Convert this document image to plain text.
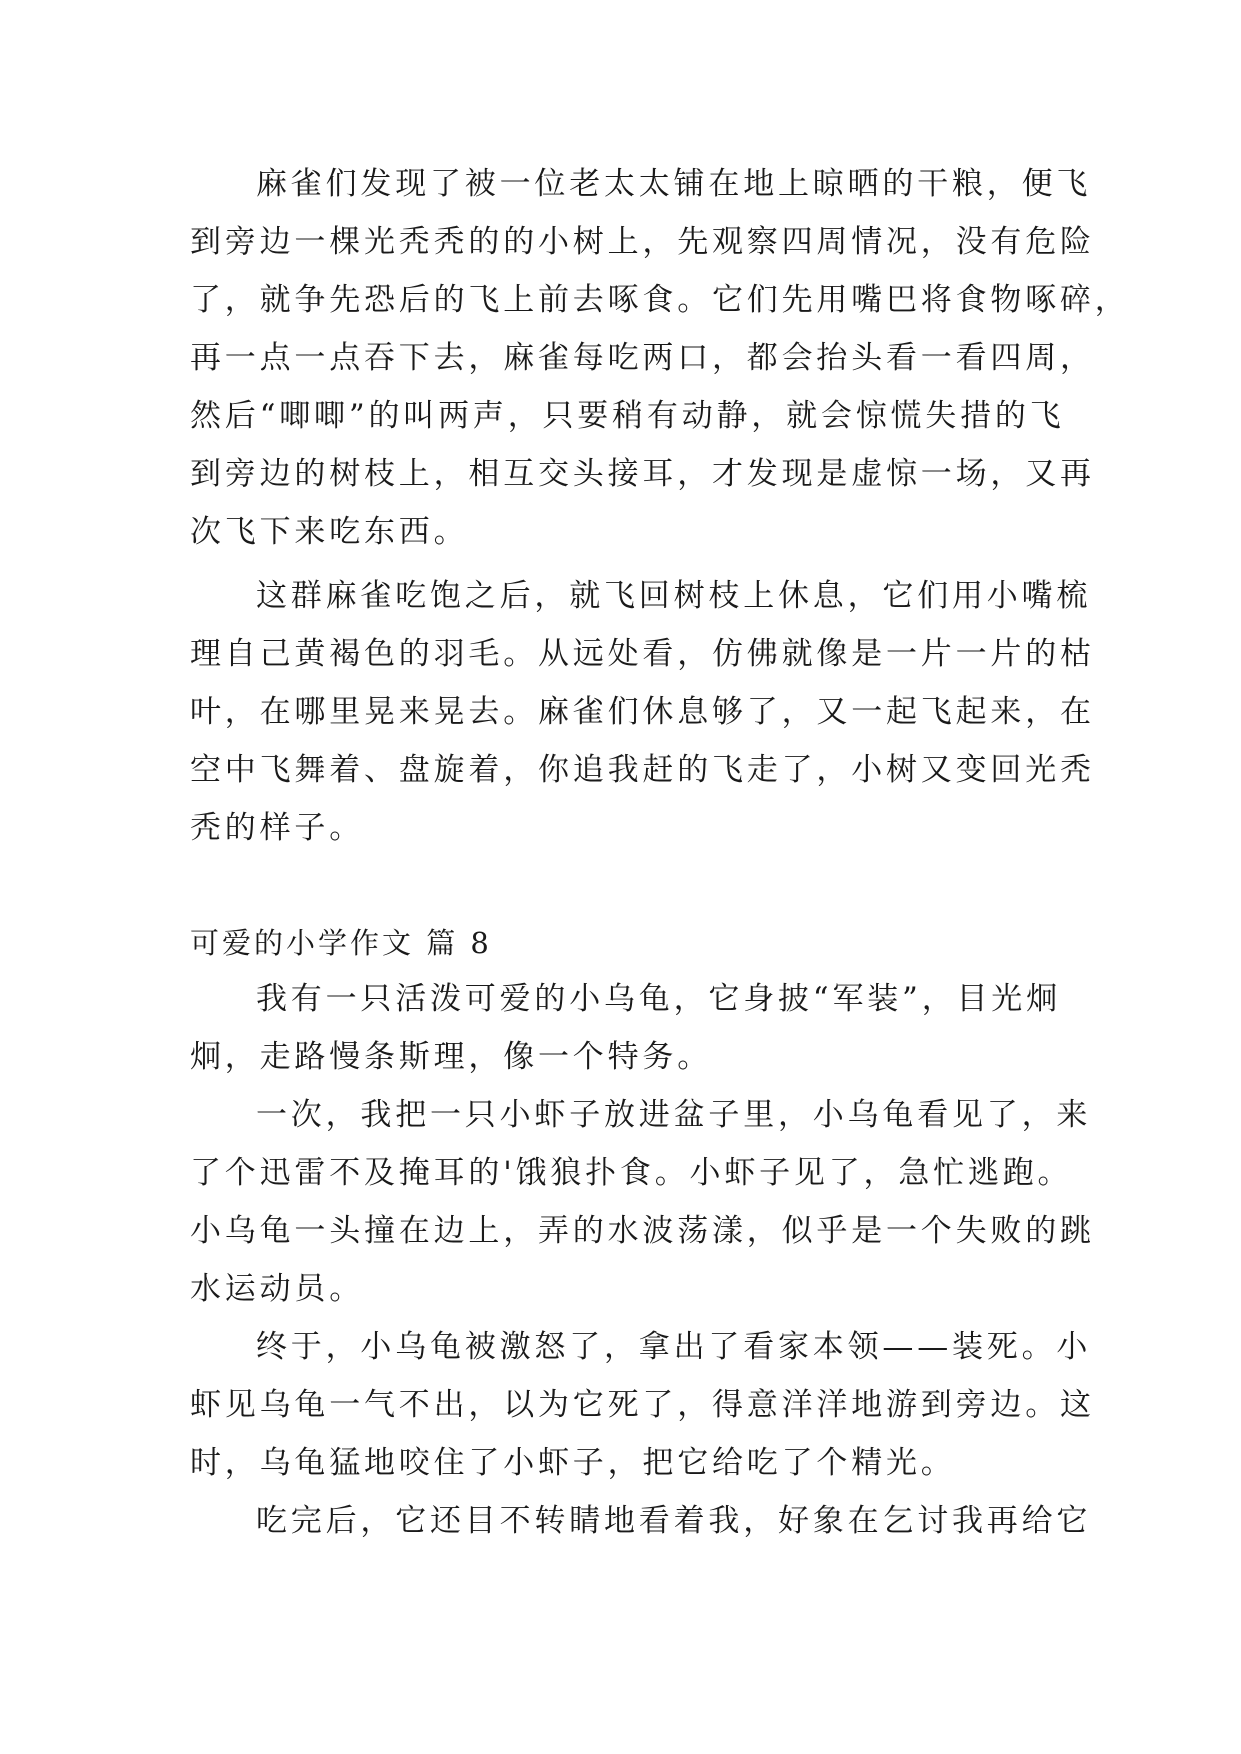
麻雀们发现了被一位老太太铺在地上晾晒的干粮，便飞
到旁边一棵光秃秃的的小树上，先观察四周情况，没有危险
了，就争先恐后的飞上前去啄食。它们先用嘴巴将食物啄碎，
再一点一点吞下去，麻雀每吃两口，都会抬头看一看四周，
然后“唧唧”的叫两声，只要稍有动静，就会惊慌失措的飞
到旁边的树枝上，相互交头接耳，才发现是虚惊一场，又再
次飞下来吃东西。
这群麻雀吃饱之后，就飞回树枝上休息，它们用小嘴梳
理自己黄褐色的羽毛。从远处看，仿佛就像是一片一片的枯
叶，在哪里晃来晃去。麻雀们休息够了，又一起飞起来，在
空中飞舞着、盘旋着，你追我赶的飞走了，小树又变回光秃
秃的样子。
可爱的小学作文 篇 8
我有一只活泼可爱的小乌龟，它身披“军装”，目光炯
炯，走路慢条斯理，像一个特务。
一次，我把一只小虾子放进盆子里，小乌龟看见了，来
了个迅雷不及掩耳的'饿狼扑食。小虾子见了，急忙逃跑。
小乌龟一头撞在边上，弄的水波荡漾，似乎是一个失败的跳
水运动员。
终于，小乌龟被激怒了，拿出了看家本领——装死。小
虾见乌龟一气不出，以为它死了，得意洋洋地游到旁边。这
时，乌龟猛地咬住了小虾子，把它给吃了个精光。
吃完后，它还目不转睛地看着我，好象在乞讨我再给它
